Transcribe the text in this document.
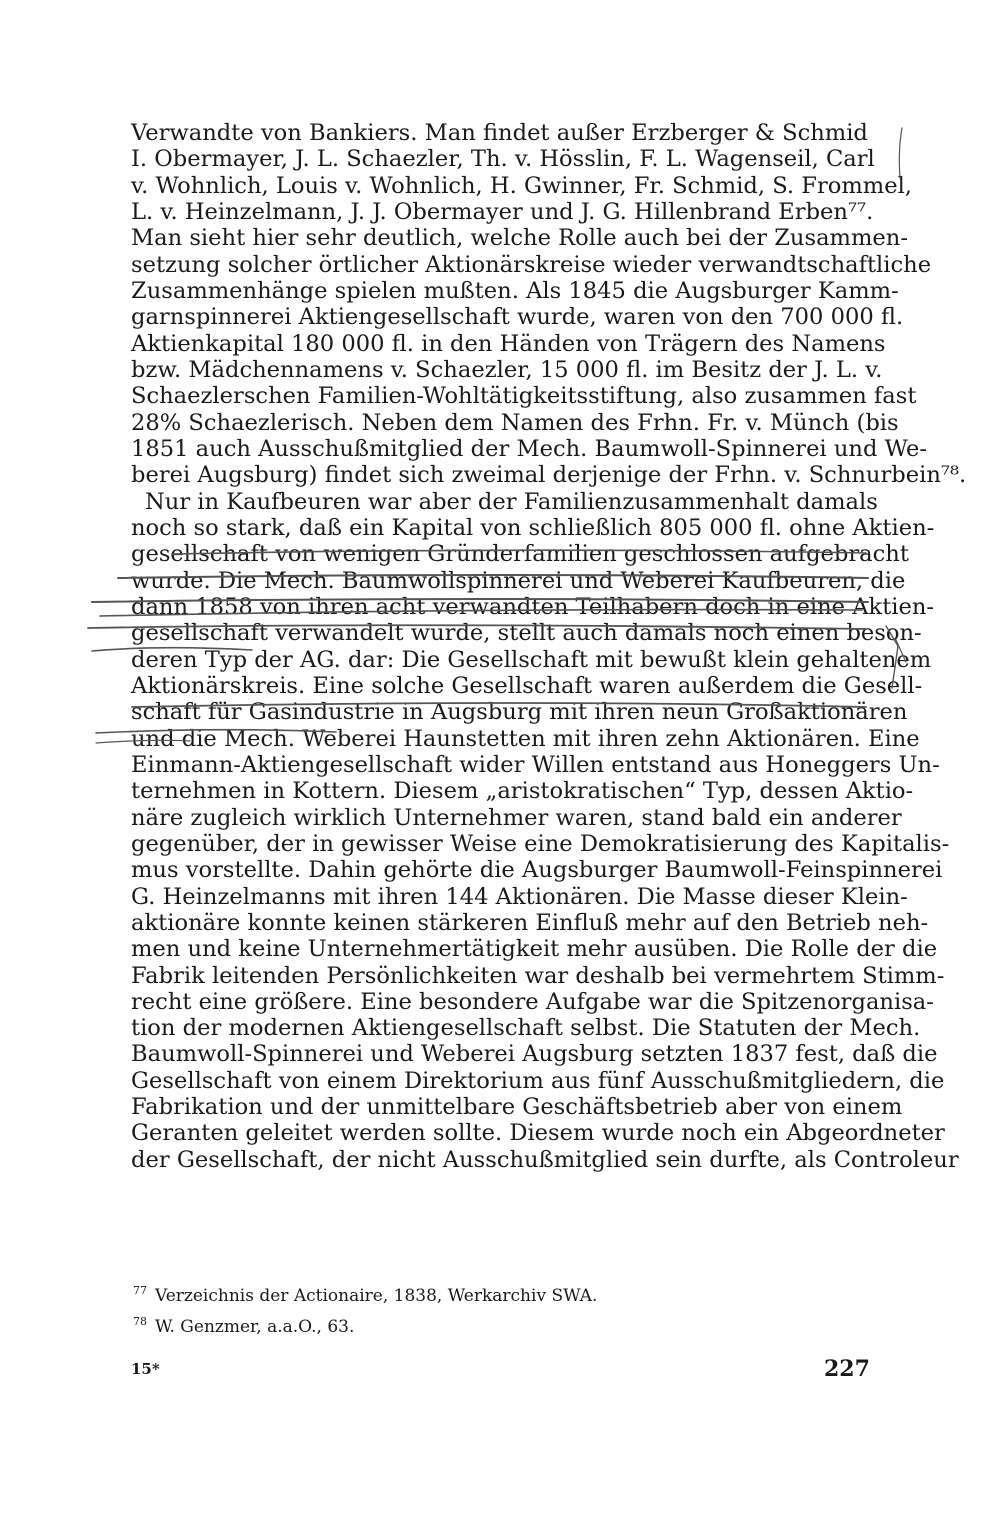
Verwandte von Bankiers. Man findet außer Erzberger & Schmid
I. Obermayer, J. L. Schaezler, Th. v. Hösslin, F. L. Wagenseil, Carl
v. Wohnlich, Louis v. Wohnlich, H. Gwinner, Fr. Schmid, S. Frommel,
L. v. Heinzelmann, J. J. Obermayer und J. G. Hillenbrand Erben⁷⁷.
Man sieht hier sehr deutlich, welche Rolle auch bei der Zusammen-
setzung solcher örtlicher Aktionärskreise wieder verwandtschaftliche
Zusammenhänge spielen mußten. Als 1845 die Augsburger Kamm-
garnspinnerei Aktiengesellschaft wurde, waren von den 700 000 fl.
Aktienkapital 180 000 fl. in den Händen von Trägern des Namens
bzw. Mädchennamens v. Schaezler, 15 000 fl. im Besitz der J. L. v.
Schaezlerschen Familien-Wohltätigkeitsstiftung, also zusammen fast
28% Schaezlerisch. Neben dem Namen des Frhn. Fr. v. Münch (bis
1851 auch Ausschußmitglied der Mech. Baumwoll-Spinnerei und We-
berei Augsburg) findet sich zweimal derjenige der Frhn. v. Schnurbein⁷⁸.
Nur in Kaufbeuren war aber der Familienzusammenhalt damals
noch so stark, daß ein Kapital von schließlich 805 000 fl. ohne Aktien-
gesellschaft von wenigen Gründerfamilien geschlossen aufgebracht
wurde. Die Mech. Baumwollspinnerei und Weberei Kaufbeuren, die
dann 1858 von ihren acht verwandten Teilhabern doch in eine Aktien-
gesellschaft verwandelt wurde, stellt auch damals noch einen beson-
deren Typ der AG. dar: Die Gesellschaft mit bewußt klein gehaltenem
Aktionärskreis. Eine solche Gesellschaft waren außerdem die Gesell-
schaft für Gasindustrie in Augsburg mit ihren neun Großaktionären
und die Mech. Weberei Haunstetten mit ihren zehn Aktionären. Eine
Einmann-Aktiengesellschaft wider Willen entstand aus Honeggers Un-
ternehmen in Kottern. Diesem „aristokratischen“ Typ, dessen Aktio-
näre zugleich wirklich Unternehmer waren, stand bald ein anderer
gegenüber, der in gewisser Weise eine Demokratisierung des Kapitalis-
mus vorstellte. Dahin gehörte die Augsburger Baumwoll-Feinspinnerei
G. Heinzelmanns mit ihren 144 Aktionären. Die Masse dieser Klein-
aktionäre konnte keinen stärkeren Einfluß mehr auf den Betrieb neh-
men und keine Unternehmertätigkeit mehr ausüben. Die Rolle der die
Fabrik leitenden Persönlichkeiten war deshalb bei vermehrtem Stimm-
recht eine größere. Eine besondere Aufgabe war die Spitzenorganisa-
tion der modernen Aktiengesellschaft selbst. Die Statuten der Mech.
Baumwoll-Spinnerei und Weberei Augsburg setzten 1837 fest, daß die
Gesellschaft von einem Direktorium aus fünf Ausschußmitgliedern, die
Fabrikation und der unmittelbare Geschäftsbetrieb aber von einem
Geranten geleitet werden sollte. Diesem wurde noch ein Abgeordneter
der Gesellschaft, der nicht Ausschußmitglied sein durfte, als Controleur
$^{77}$ Verzeichnis der Actionaire, 1838, Werkarchiv SWA.
$^{78}$ W. Genzmer, a.a.O., 63.
15*	227
